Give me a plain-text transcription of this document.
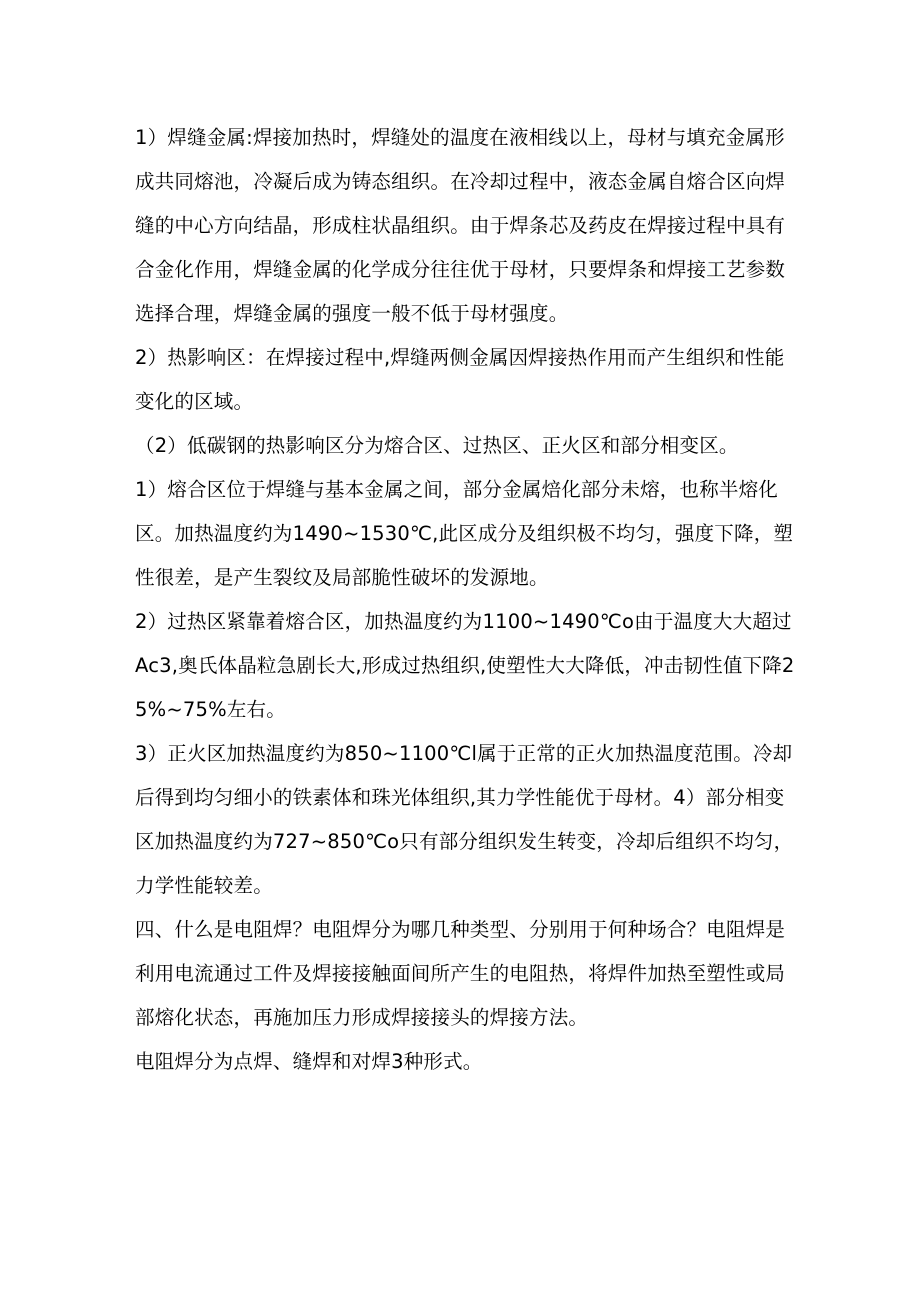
1）焊缝金属:焊接加热时，焊缝处的温度在液相线以上，母材与填充金属形成共同熔池，冷凝后成为铸态组织。在冷却过程中，液态金属自熔合区向焊缝的中心方向结晶，形成柱状晶组织。由于焊条芯及药皮在焊接过程中具有合金化作用，焊缝金属的化学成分往往优于母材，只要焊条和焊接工艺参数选择合理，焊缝金属的强度一般不低于母材强度。

2）热影响区：在焊接过程中,焊缝两侧金属因焊接热作用而产生组织和性能变化的区域。

（2）低碳钢的热影响区分为熔合区、过热区、正火区和部分相变区。

1）熔合区位于焊缝与基本金属之间，部分金属焙化部分未熔，也称半熔化区。加热温度约为1490~1530℃,此区成分及组织极不均匀，强度下降，塑性很差，是产生裂纹及局部脆性破坏的发源地。

2）过热区紧靠着熔合区，加热温度约为1100~1490℃o由于温度大大超过Ac3,奥氏体晶粒急剧长大,形成过热组织,使塑性大大降低，冲击韧性值下降25%~75%左右。

3）正火区加热温度约为850~1100℃l属于正常的正火加热温度范围。冷却后得到均匀细小的铁素体和珠光体组织,其力学性能优于母材。4）部分相变区加热温度约为727~850℃o只有部分组织发生转变，冷却后组织不均匀，力学性能较差。

四、什么是电阻焊？电阻焊分为哪几种类型、分别用于何种场合？电阻焊是利用电流通过工件及焊接接触面间所产生的电阻热，将焊件加热至塑性或局部熔化状态，再施加压力形成焊接接头的焊接方法。

电阻焊分为点焊、缝焊和对焊3种形式。
